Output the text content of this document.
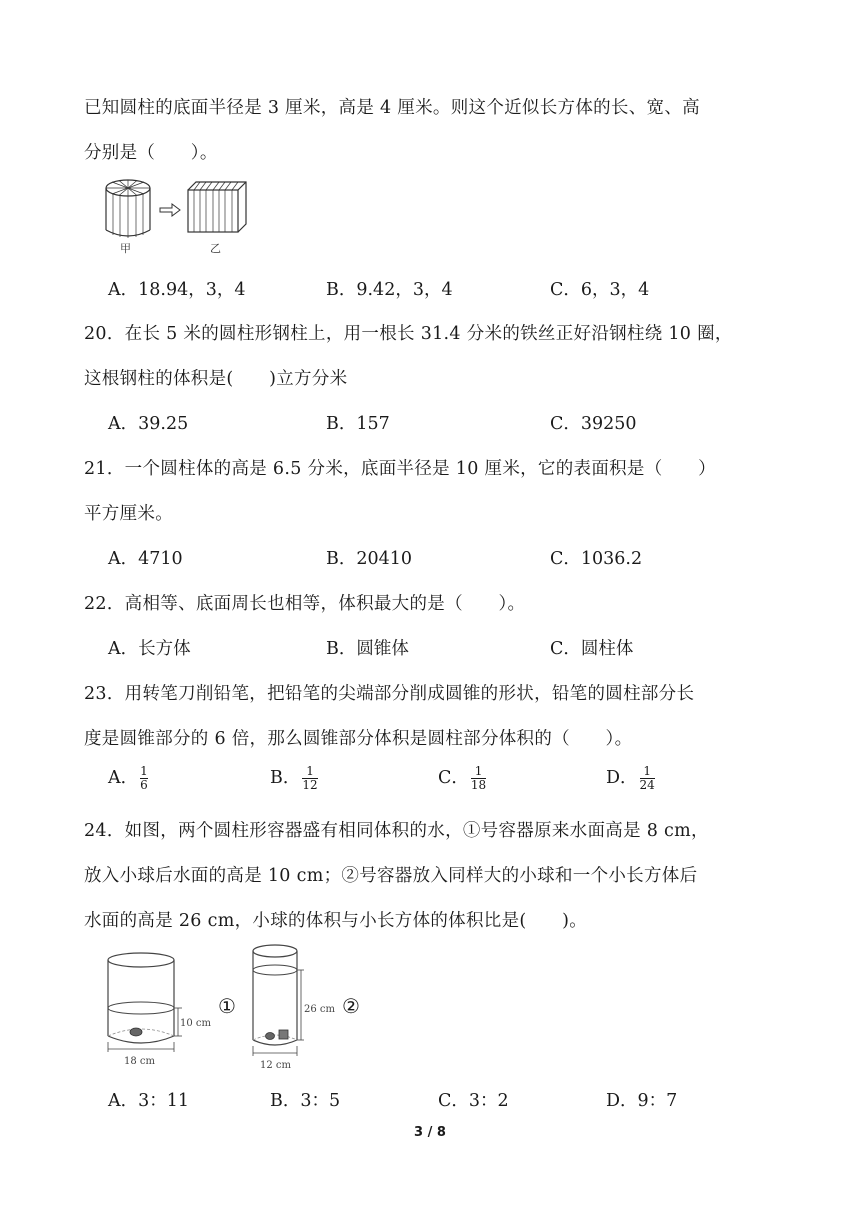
已知圆柱的底面半径是 3 厘米，高是 4 厘米。则这个近似长方体的长、宽、高
分别是（　　）。
甲	乙
A．18.94，3，4	B．9.42，3，4	C．6，3，4
20．在长 5 米的圆柱形钢柱上，用一根长 31.4 分米的铁丝正好沿钢柱绕 10 圈，
这根钢柱的体积是(　　)立方分米
A．39.25	B．157	C．39250
21．一个圆柱体的高是 6.5 分米，底面半径是 10 厘米，它的表面积是（　　）
平方厘米。
A．4710	B．20410	C．1036.2
22．高相等、底面周长也相等，体积最大的是（　　）。
A．长方体	B．圆锥体	C．圆柱体
23．用转笔刀削铅笔，把铅笔的尖端部分削成圆锥的形状，铅笔的圆柱部分长
度是圆锥部分的 6 倍，那么圆锥部分体积是圆柱部分体积的（　　）。
A． $\frac{1}{6}$	B． $\frac{1}{12}$	C． $\frac{1}{18}$	D． $\frac{1}{24}$
24．如图，两个圆柱形容器盛有相同体积的水，①号容器原来水面高是 8 cm，
放入小球后水面的高是 10 cm；②号容器放入同样大的小球和一个小长方体后
水面的高是 26 cm，小球的体积与小长方体的体积比是(　　)。
10 cm
18 cm
①	26 cm
12 cm
②
A．3：11	B．3：5	C．3：2	D．9：7
3 / 8
